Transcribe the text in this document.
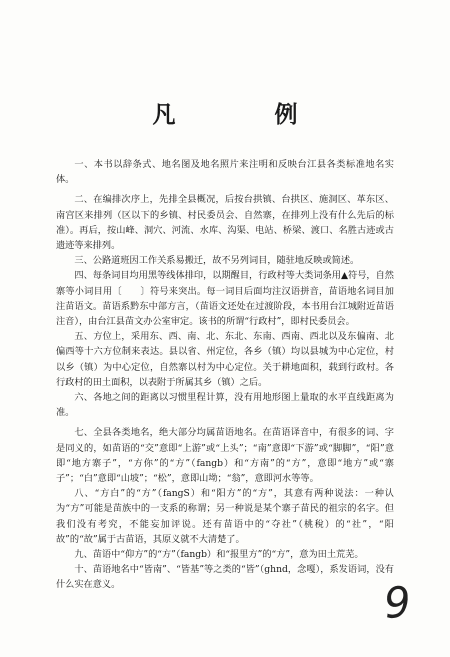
凡　例

一、本书以辞条式、地名图及地名照片来注明和反映台江县各类标准地名实体。

二、在编排次序上，先排全县概况，后按台拱镇、台拱区、施洞区、革东区、南宫区来排列（区以下的乡镇、村民委员会、自然寨，在排列上没有什么先后的标准）。再后，按山峰、洞穴、河流、水库、沟渠、电站、桥梁、渡口、名胜古迹或古遗迹等来排列。

三、公路道班因工作关系易搬迁，故不另列词目，随驻地反映或简述。

四、每条词目均用黑等线体排印，以期醒目，行政村等大类词条用▲符号，自然寨等小词目用〔　　〕符号来突出。每一词目后面均注汉语拼音，苗语地名词目加注苗语文。苗语系黔东中部方言，（苗语文还处在过渡阶段，本书用台江城附近苗语注音），由台江县苗文办公室审定。该书的所谓“行政村”，即村民委员会。

五、方位上，采用东、西、南、北、东北、东南、西南、西北以及东偏南、北偏西等十六方位制来表达。县以省、州定位，各乡（镇）均以县城为中心定位，村以乡（镇）为中心定位，自然寨以村为中心定位。关于耕地面积，载到行政村。各行政村的田土面积，以表附于所属其乡（镇）之后。

六、各地之间的距离以习惯里程计算，没有用地形图上量取的水平直线距离为准。

七、全县各类地名，绝大部分均属苗语地名。在苗语译音中，有很多的词、字是同义的，如苗语的“交”意即“上游”或“上头”；“南”意即“下游”或“脚脚”，“阳”意即“地方寨子”，“方你”的“方”（fangb）和“方南”的“方”，意即“地方”或“寨子”；“白”意即“山坡”；“松”，意即山坳；“翁”，意即河水等等。

八、“方白”的“方”（fangS）和“阳方”的“方”，其意有两种说法：一种认为“方”可能是苗族中的一支系的称谓；另一种说是某个寨子苗民的祖宗的名字。但我们没有考究，不能妄加评说。还有苗语中的“夺社”（桃稅）的“社”，“阳故”的“故”属于古苗语，其原义就不大清楚了。

九、苗语中“仰方”的“方”（fangb）和“报里方”的“方”，意为田土荒芜。

十、苗语地名中“皆南”、“皆基”等之类的“皆”（ghnd，念嘎），系发语词，没有什么实在意义。	9
